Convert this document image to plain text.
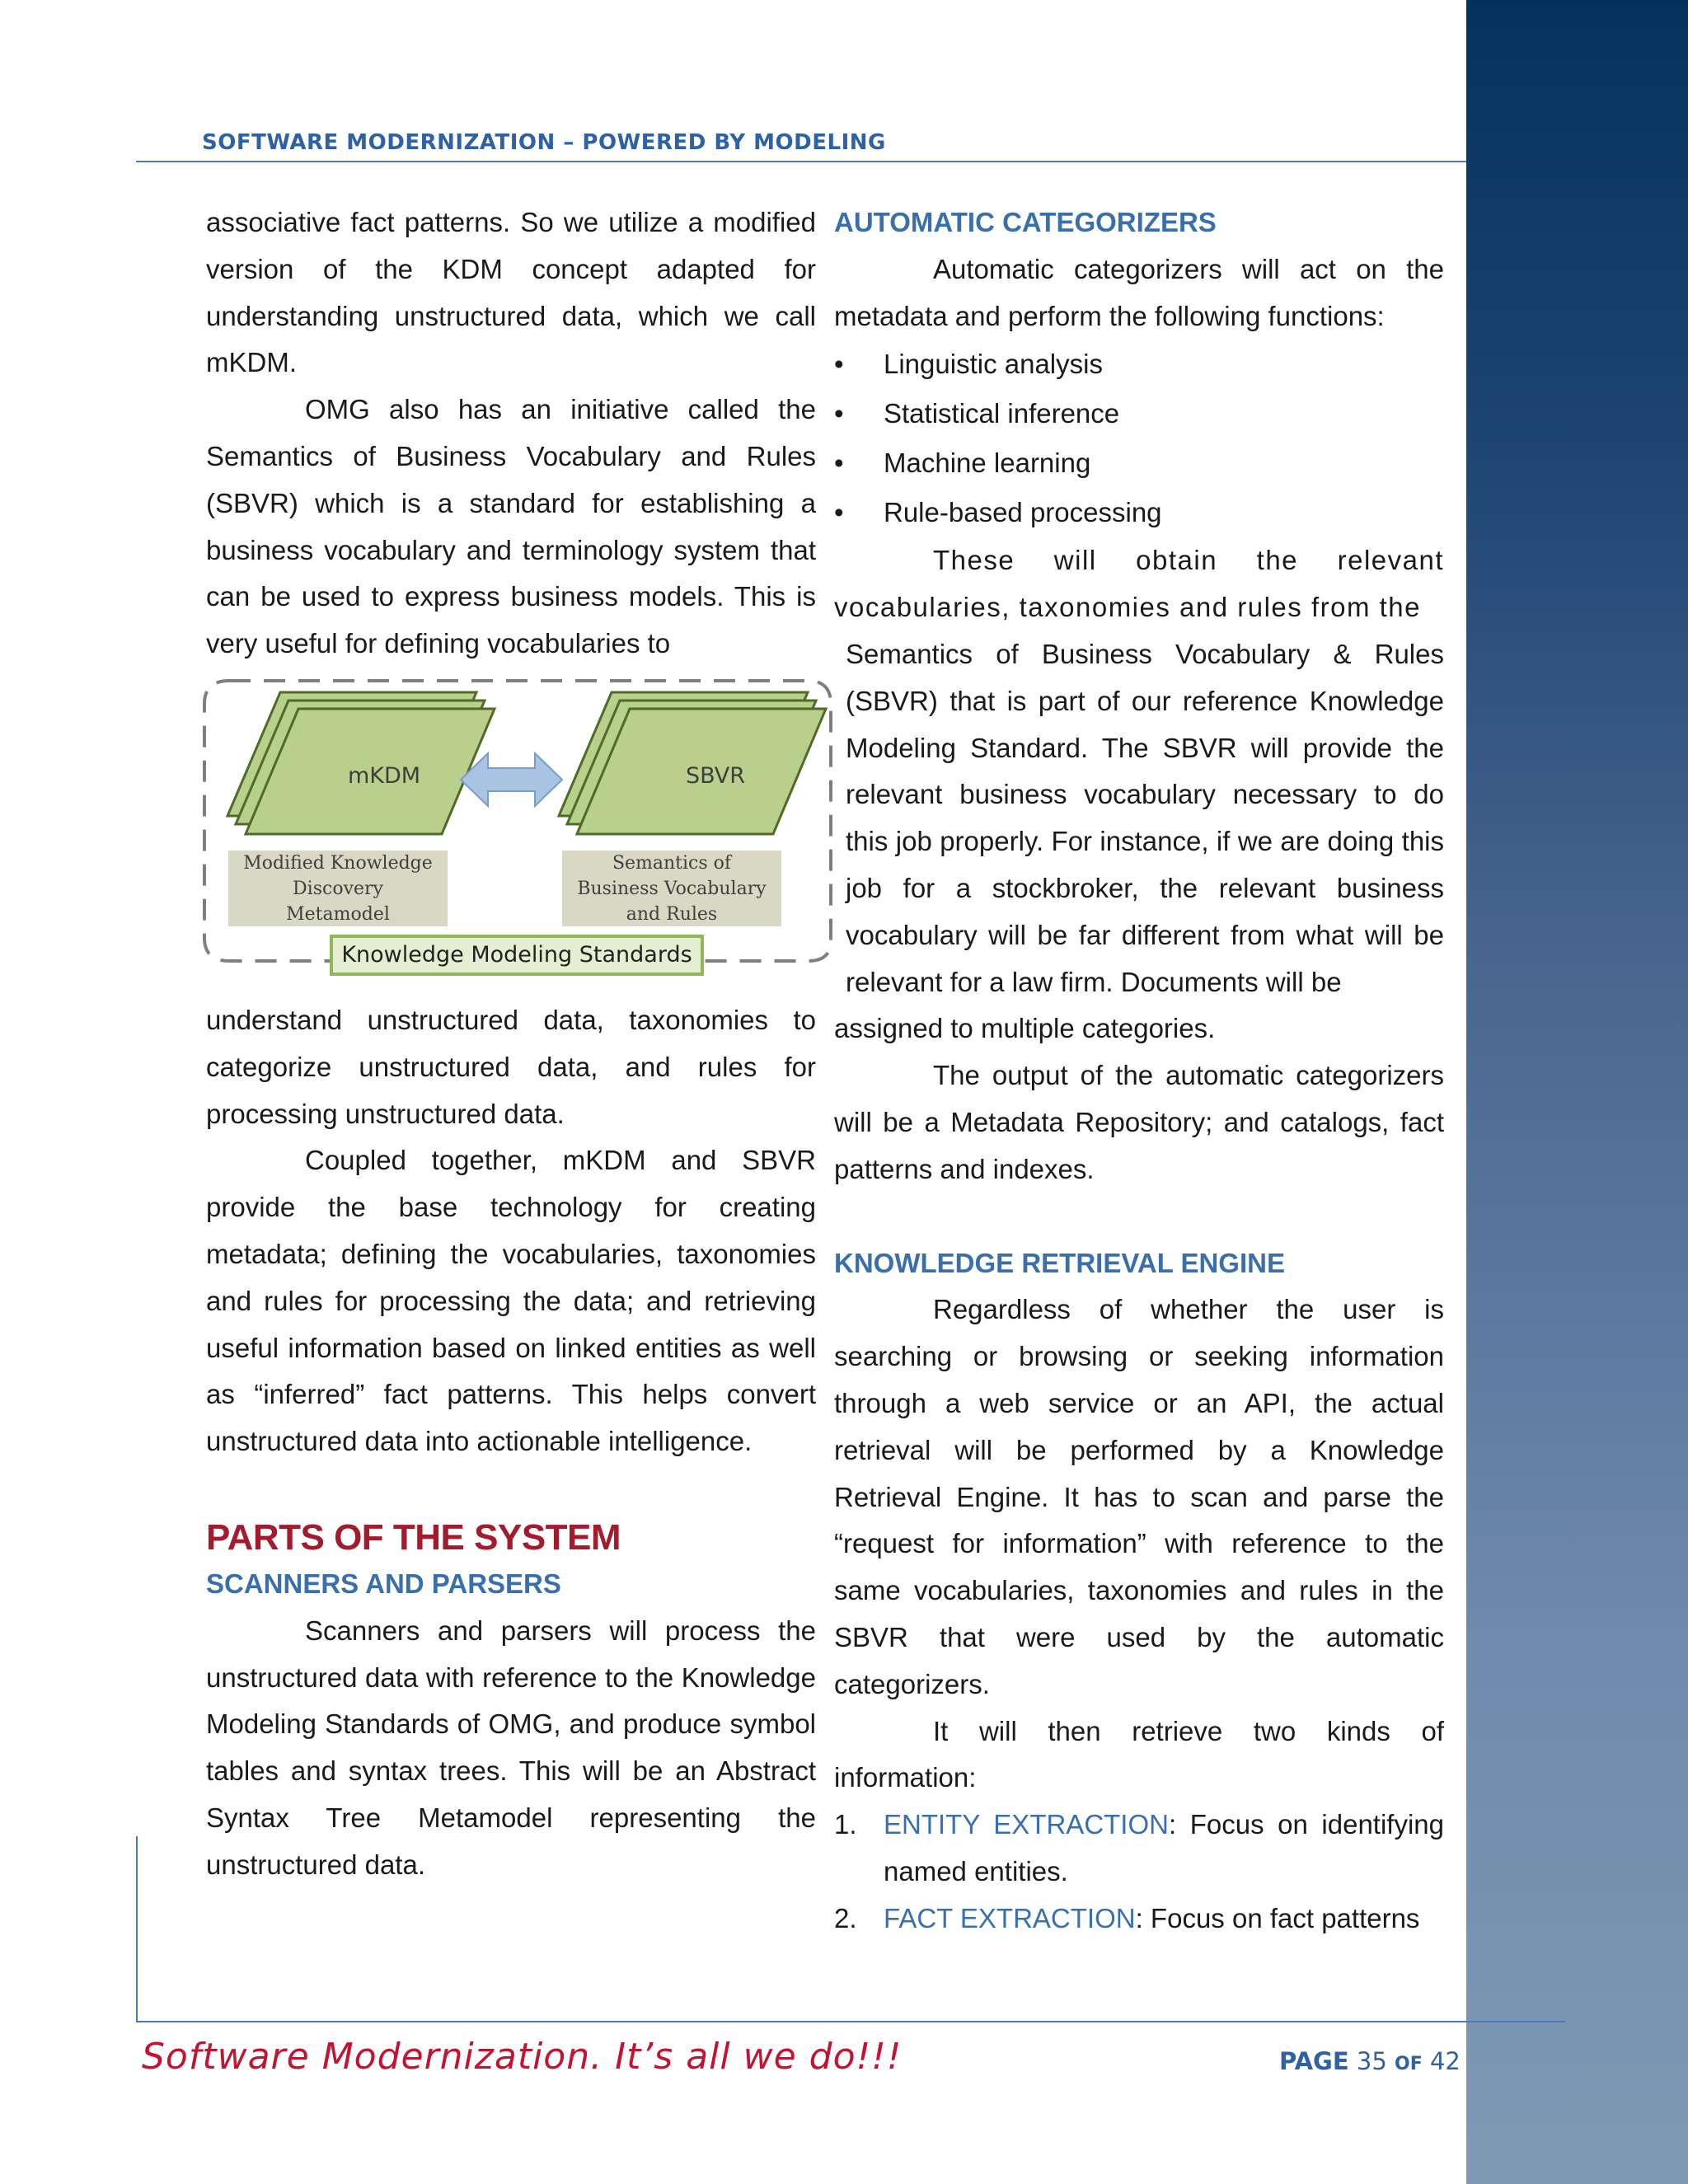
SOFTWARE MODERNIZATION – POWERED BY MODELING

associative fact patterns. So we utilize a modified version of the KDM concept adapted for understanding unstructured data, which we call mKDM.

OMG also has an initiative called the Semantics of Business Vocabulary and Rules (SBVR) which is a standard for establishing a business vocabulary and terminology system that can be used to express business models. This is very useful for defining vocabularies to

understand unstructured data, taxonomies to categorize unstructured data, and rules for processing unstructured data.

Coupled together, mKDM and SBVR provide the base technology for creating metadata; defining the vocabularies, taxonomies and rules for processing the data; and retrieving useful information based on linked entities as well as “inferred” fact patterns. This helps convert unstructured data into actionable intelligence.

PARTS OF THE SYSTEM
SCANNERS AND PARSERS

Scanners and parsers will process the unstructured data with reference to the Knowledge Modeling Standards of OMG, and produce symbol tables and syntax trees. This will be an Abstract Syntax Tree Metamodel representing the unstructured data.

mKDM	SBVR
Modified Knowledge
Discovery
Metamodel
Semantics of
Business Vocabulary
and Rules
Knowledge Modeling Standards
AUTOMATIC CATEGORIZERS

Automatic categorizers will act on the metadata and perform the following functions:

• Linguistic analysis
• Statistical inference
• Machine learning
• Rule-based processing

These will obtain the relevant vocabularies, taxonomies and rules from the

Semantics of Business Vocabulary & Rules (SBVR) that is part of our reference Knowledge Modeling Standard. The SBVR will provide the relevant business vocabulary necessary to do this job properly. For instance, if we are doing this job for a stockbroker, the relevant business vocabulary will be far different from what will be relevant for a law firm. Documents will be

assigned to multiple categories.

The output of the automatic categorizers will be a Metadata Repository; and catalogs, fact patterns and indexes.

KNOWLEDGE RETRIEVAL ENGINE

Regardless of whether the user is searching or browsing or seeking information through a web service or an API, the actual retrieval will be performed by a Knowledge Retrieval Engine. It has to scan and parse the “request for information” with reference to the same vocabularies, taxonomies and rules in the SBVR that were used by the automatic categorizers.

It will then retrieve two kinds of information:

1. ENTITY EXTRACTION: Focus on identifying named entities.
2. FACT EXTRACTION: Focus on fact patterns
Software Modernization. It’s all we do!!!	PAGE 35 OF 42
